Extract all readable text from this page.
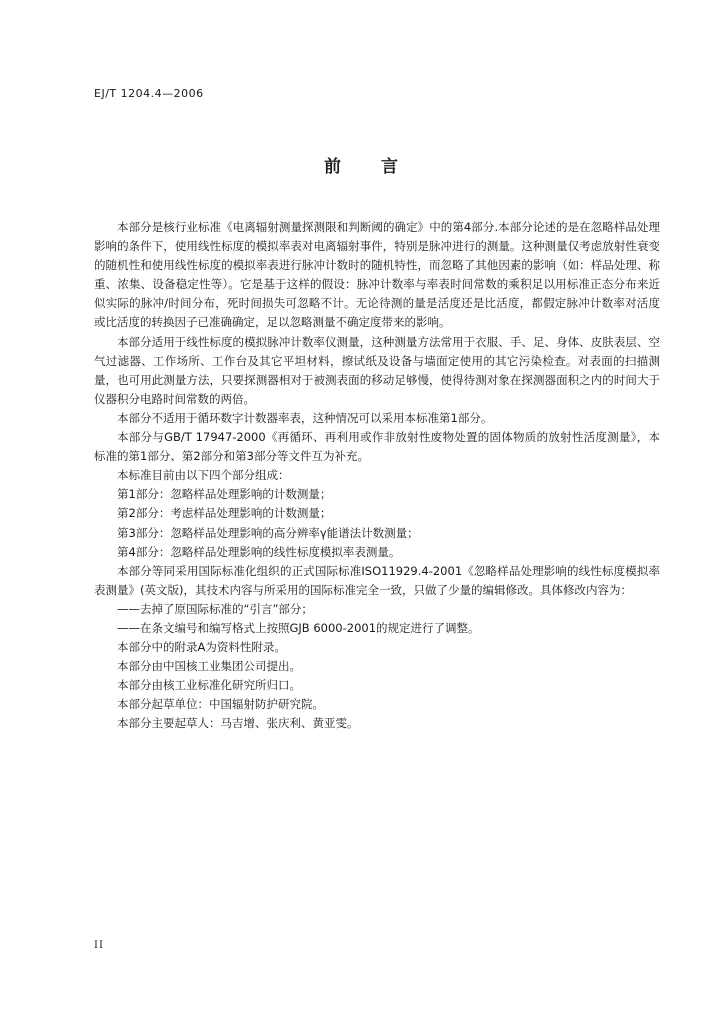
EJ/T 1204.4—2006
前 言

本部分是核行业标准《电离辐射测量探测限和判断阈的确定》中的第4部分.本部分论述的是在忽略样品处理影响的条件下，使用线性标度的模拟率表对电离辐射事件，特别是脉冲进行的测量。这种测量仅考虑放射性衰变的随机性和使用线性标度的模拟率表进行脉冲计数时的随机特性，而忽略了其他因素的影响（如：样品处理、称重、浓集、设备稳定性等）。它是基于这样的假设：脉冲计数率与率表时间常数的乘积足以用标准正态分布来近似实际的脉冲/时间分布，死时间损失可忽略不计。无论待测的量是活度还是比活度，都假定脉冲计数率对活度或比活度的转换因子已准确确定，足以忽略测量不确定度带来的影响。

本部分适用于线性标度的模拟脉冲计数率仪测量，这种测量方法常用于衣服、手、足、身体、皮肤表层、空气过滤器、工作场所、工作台及其它平坦材料，擦试纸及设备与墙面定使用的其它污染检查。对表面的扫描测量，也可用此测量方法，只要探测器相对于被测表面的移动足够慢，使得待测对象在探测器面积之内的时间大于仪器积分电路时间常数的两倍。

本部分不适用于循环数字计数器率表，这种情况可以采用本标准第1部分。

本部分与GB/T 17947-2000《再循环、再利用或作非放射性废物处置的固体物质的放射性活度测量》，本标准的第1部分、第2部分和第3部分等文件互为补充。

本标准目前由以下四个部分组成：

第1部分：忽略样品处理影响的计数测量；

第2部分：考虑样品处理影响的计数测量；

第3部分：忽略样品处理影响的高分辨率γ能谱法计数测量；

第4部分：忽略样品处理影响的线性标度模拟率表测量。

本部分等同采用国际标准化组织的正式国际标准ISO11929.4-2001《忽略样品处理影响的线性标度模拟率表测量》(英文版)，其技术内容与所采用的国际标准完全一致，只做了少量的编辑修改。具体修改内容为：

——去掉了原国际标准的“引言”部分；

——在条文编号和编写格式上按照GJB 6000-2001的规定进行了调整。

本部分中的附录A为资料性附录。

本部分由中国核工业集团公司提出。

本部分由核工业标准化研究所归口。

本部分起草单位：中国辐射防护研究院。

本部分主要起草人：马吉增、张庆利、黄亚雯。

II
